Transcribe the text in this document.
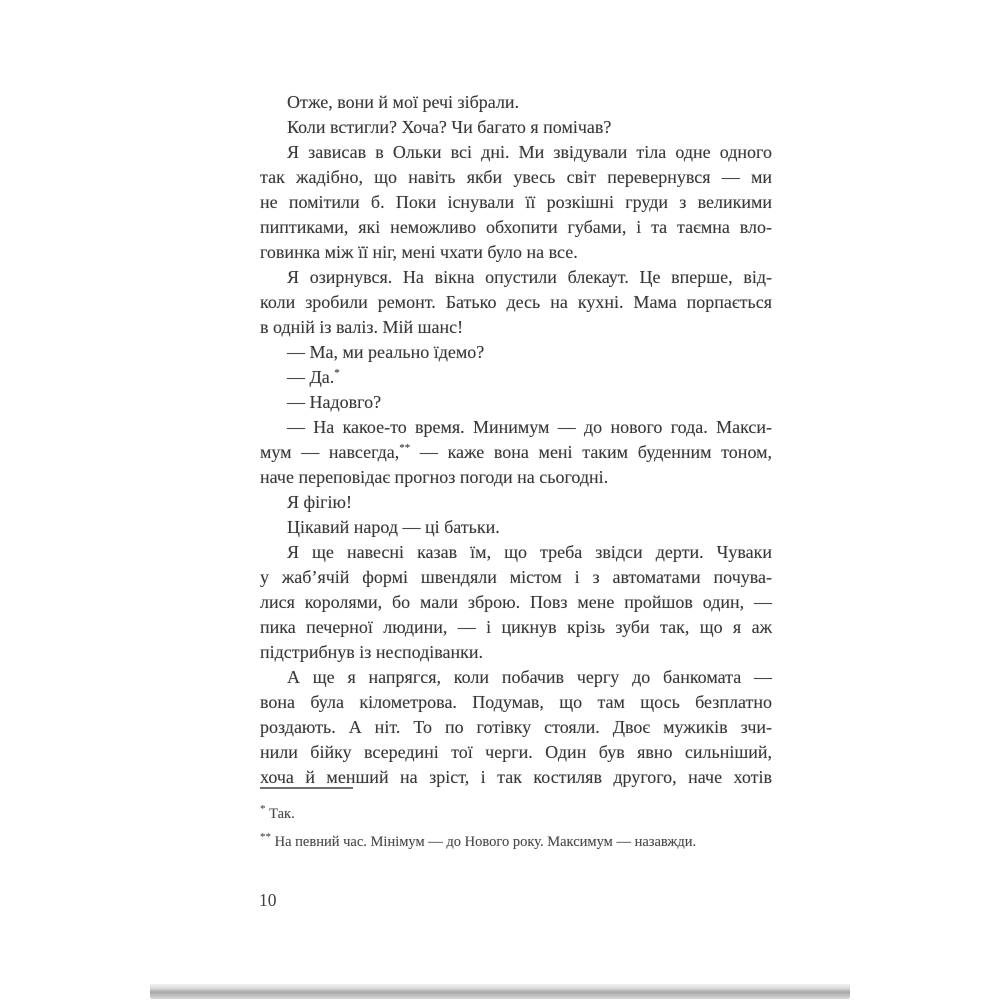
Отже, вони й мої речі зібрали.
Коли встигли? Хоча? Чи багато я помічав?
Я зависав в Ольки всі дні. Ми звідували тіла одне одного
так жадібно, що навіть якби увесь світ перевернувся — ми
не помітили б. Поки існували її розкішні груди з великими
пиптиками, які неможливо обхопити губами, і та таємна вло-
говинка між її ніг, мені чхати було на все.
Я озирнувся. На вікна опустили блекаут. Це вперше, від-
коли зробили ремонт. Батько десь на кухні. Мама порпається
в одній із валіз. Мій шанс!
— Ма, ми реально їдемо?
— Да.*
— Надовго?
— На какое-то время. Минимум — до нового года. Макси-
мум — навсегда,** — каже вона мені таким буденним тоном,
наче переповідає прогноз погоди на сьогодні.
Я фігію!
Цікавий народ — ці батьки.
Я ще навесні казав їм, що треба звідси дерти. Чуваки
у жаб’ячій формі швендяли містом і з автоматами почува-
лися королями, бо мали зброю. Повз мене пройшов один, —
пика печерної людини, — і цикнув крізь зуби так, що я аж
підстрибнув із несподіванки.
А ще я напрягся, коли побачив чергу до банкомата —
вона була кілометрова. Подумав, що там щось безплатно
роздають. А ніт. То по готівку стояли. Двоє мужиків зчи-
нили бійку всередині тої черги. Один був явно сильніший,
хоча й менший на зріст, і так костиляв другого, наче хотів
* Так.
** На певний час. Мінімум — до Нового року. Максимум — назавжди.
10
